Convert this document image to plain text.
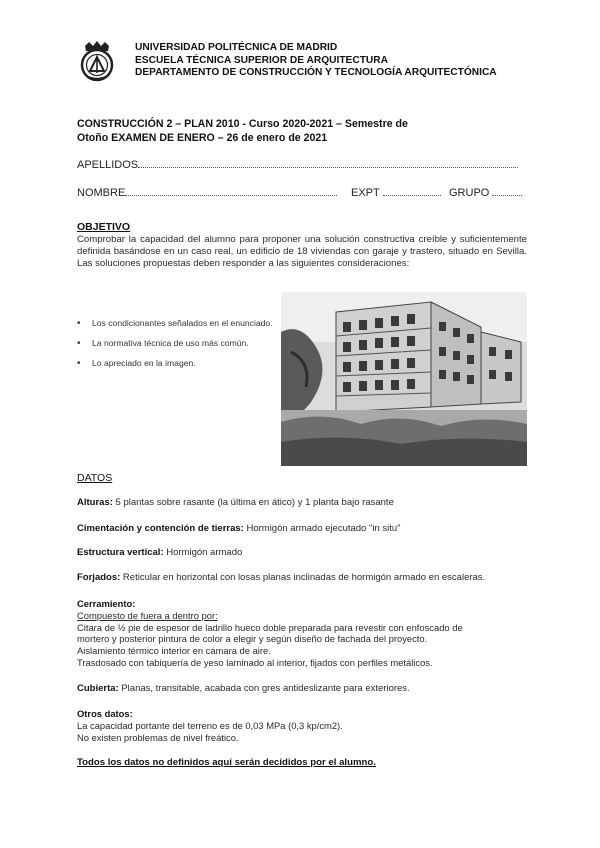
UNIVERSIDAD POLITÉCNICA DE MADRID
ESCUELA TÉCNICA SUPERIOR DE ARQUITECTURA
DEPARTAMENTO DE CONSTRUCCIÓN Y TECNOLOGÍA ARQUITECTÓNICA
CONSTRUCCIÓN 2 – PLAN 2010 - Curso 2020-2021 – Semestre de
Otoño EXAMEN DE ENERO – 26 de enero de 2021
APELLIDOS
NOMBRE	EXPT	GRUPO
OBJETIVO
Comprobar la capacidad del alumno para proponer una solución constructiva creíble y suficientemente definida basándose en un caso real, un edificio de 18 viviendas con garaje y trastero, situado en Sevilla. Las soluciones propuestas deben responder a las siguientes consideraciones:
• Los condicionantes señalados en el enunciado.
• La normativa técnica de uso más común.
• Lo apreciado en la imagen.
DATOS
Alturas: 5 plantas sobre rasante (la última en ático) y 1 planta bajo rasante
Cimentación y contención de tierras: Hormigón armado ejecutado "in situ"
Estructura vertical: Hormigón armado
Forjados: Reticular en horizontal con losas planas inclinadas de hormigón armado en escaleras.
Cerramiento:
Compuesto de fuera a dentro por:
Citara de ½ pie de espesor de ladrillo hueco doble preparada para revestir con enfoscado de
mortero y posterior pintura de color a elegir y según diseño de fachada del proyecto.
Aislamiento térmico interior en cámara de aire.
Trasdosado con tabiquería de yeso laminado al interior, fijados con perfiles metálicos.
Cubierta: Planas, transitable, acabada con gres antideslizante para exteriores.
Otros datos:
La capacidad portante del terreno es de 0,03 MPa (0,3 kp/cm2).
No existen problemas de nivel freático.
Todos los datos no definidos aquí serán decididos por el alumno.
